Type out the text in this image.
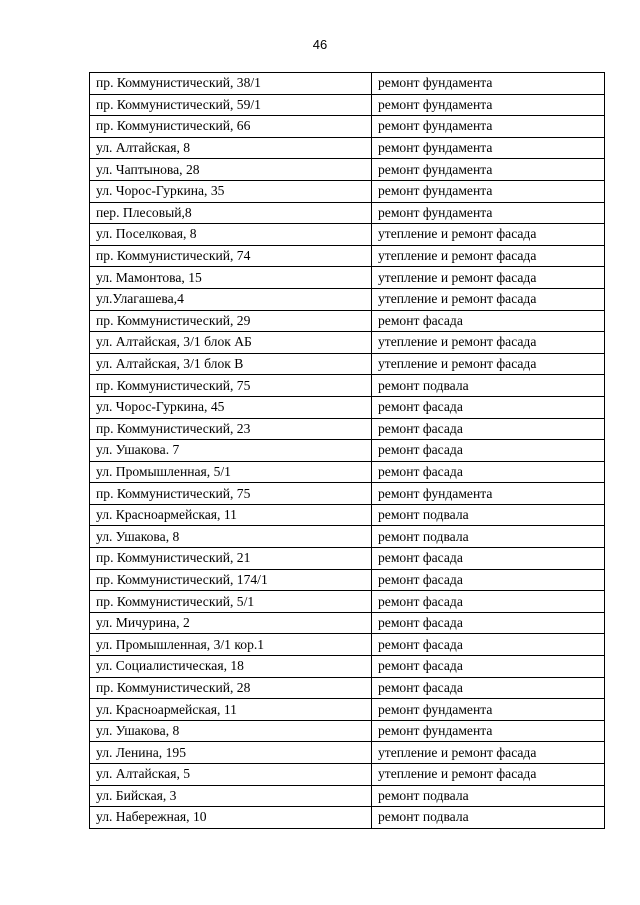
46
пр. Коммунистический, 38/1	ремонт фундамента
пр. Коммунистический, 59/1	ремонт фундамента
пр. Коммунистический, 66	ремонт фундамента
ул. Алтайская, 8	ремонт фундамента
ул. Чаптынова, 28	ремонт фундамента
ул. Чорос-Гуркина, 35	ремонт фундамента
пер. Плесовый,8	ремонт фундамента
ул. Поселковая, 8	утепление и ремонт фасада
пр. Коммунистический, 74	утепление и ремонт фасада
ул. Мамонтова, 15	утепление и ремонт фасада
ул.Улагашева,4	утепление и ремонт фасада
пр. Коммунистический, 29	ремонт фасада
ул. Алтайская, 3/1 блок АБ	утепление и ремонт фасада
ул. Алтайская, 3/1 блок В	утепление и ремонт фасада
пр. Коммунистический, 75	ремонт подвала
ул. Чорос-Гуркина, 45	ремонт фасада
пр. Коммунистический, 23	ремонт фасада
ул. Ушакова. 7	ремонт фасада
ул. Промышленная, 5/1	ремонт фасада
пр. Коммунистический, 75	ремонт фундамента
ул. Красноармейская, 11	ремонт подвала
ул. Ушакова, 8	ремонт подвала
пр. Коммунистический, 21	ремонт фасада
пр. Коммунистический, 174/1	ремонт фасада
пр. Коммунистический, 5/1	ремонт фасада
ул. Мичурина, 2	ремонт фасада
ул. Промышленная, 3/1 кор.1	ремонт фасада
ул. Социалистическая, 18	ремонт фасада
пр. Коммунистический, 28	ремонт фасада
ул. Красноармейская, 11	ремонт фундамента
ул. Ушакова, 8	ремонт фундамента
ул. Ленина, 195	утепление и ремонт фасада
ул. Алтайская, 5	утепление и ремонт фасада
ул. Бийская, 3	ремонт подвала
ул. Набережная, 10	ремонт подвала
